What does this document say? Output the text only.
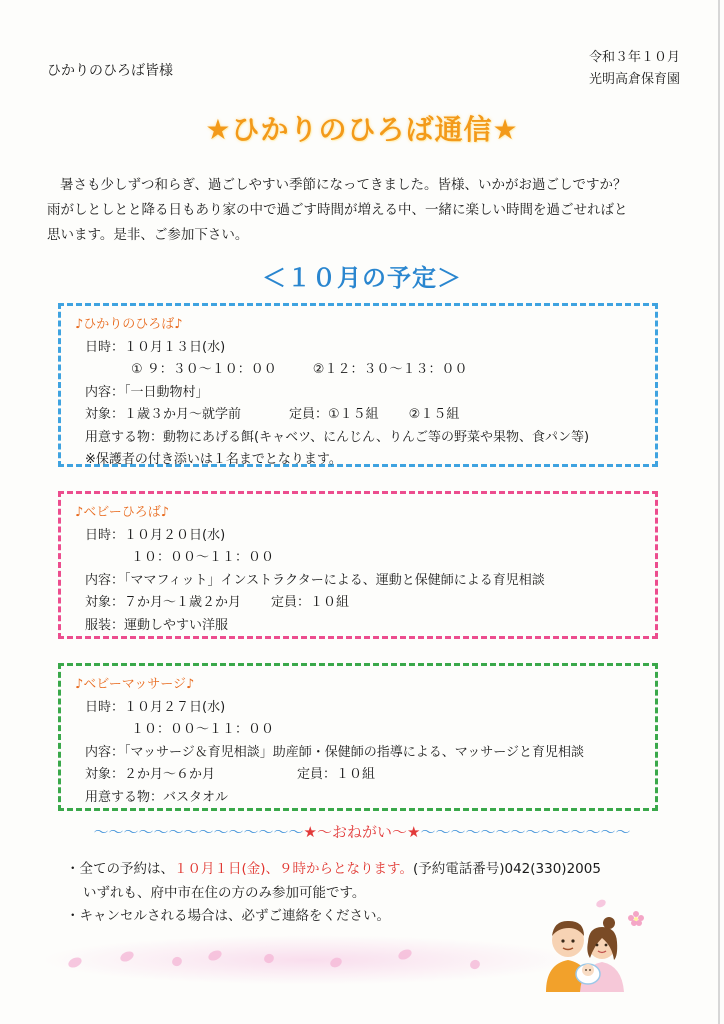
ひかりのひろば皆様
令和３年１０月
光明高倉保育園
★ひかりのひろば通信★
暑さも少しずつ和らぎ、過ごしやすい季節になってきました。皆様、いかがお過ごしですか？
雨がしとしとと降る日もあり家の中で過ごす時間が増える中、一緒に楽しい時間を過ごせればと
思います。是非、ご参加下さい。
＜１０月の予定＞
♪ひかりのひろば♪
日時：１０月１３日(水)
① ９：３０～１０：００	②１２：３０～１３：００
内容：「一日動物村」
対象：１歳３か月～就学前	定員：①１５組 ②１５組
用意する物：動物にあげる餌(キャベツ、にんじん、りんご等の野菜や果物、食パン等)
※保護者の付き添いは１名までとなります。
♪ベビーひろば♪
日時：１０月２０日(水)
１０：００～１１：００
内容：「ママフィット」インストラクターによる、運動と保健師による育児相談
対象：７か月～１歳２か月 定員：１０組
服装：運動しやすい洋服
♪ベビーマッサージ♪
日時：１０月２７日(水)
１０：００～１１：００
内容：「マッサージ＆育児相談」助産師・保健師の指導による、マッサージと育児相談
対象：２か月～６か月	定員：１０組
用意する物：バスタオル
～～～～～～～～～～～～～～★～おねがい～★～～～～～～～～～～～～～～
・全ての予約は、１０月１日(金)、９時からとなります。(予約電話番号)042(330)2005
いずれも、府中市在住の方のみ参加可能です。
・キャンセルされる場合は、必ずご連絡をください。
